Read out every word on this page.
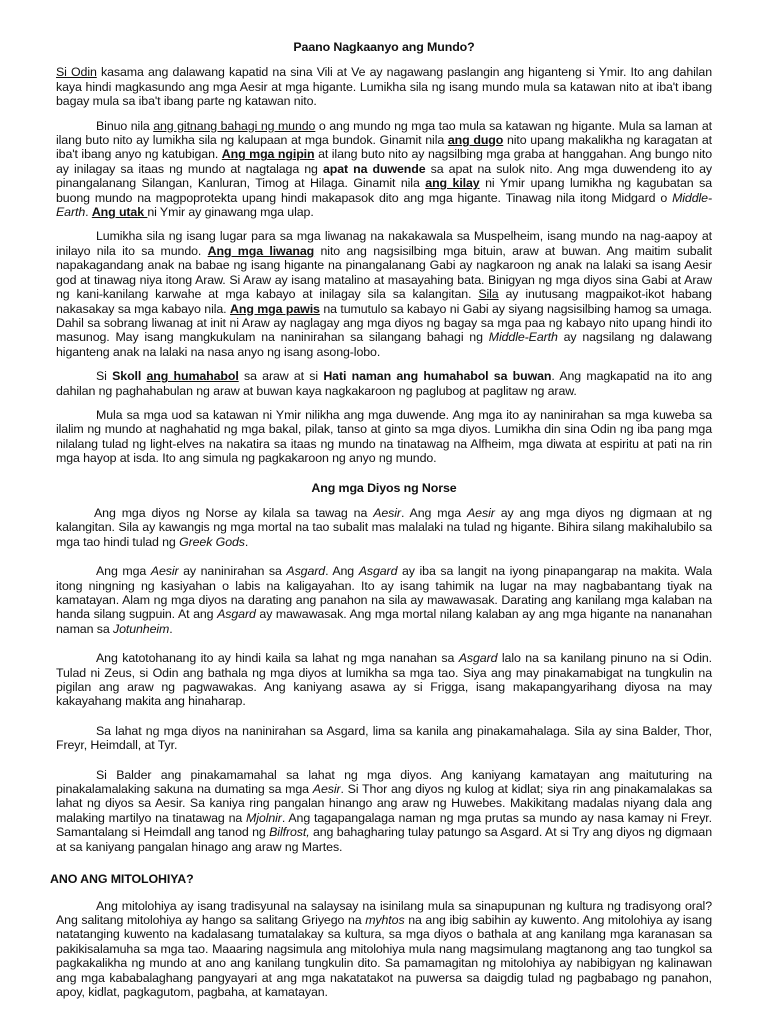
Paano Nagkaanyo ang Mundo?

Si Odin kasama ang dalawang kapatid na sina Vili at Ve ay nagawang paslangin ang higanteng si Ymir. Ito ang dahilan kaya hindi magkasundo ang mga Aesir at mga higante. Lumikha sila ng isang mundo mula sa katawan nito at iba't ibang bagay mula sa iba't ibang parte ng katawan nito.

Binuo nila ang gitnang bahagi ng mundo o ang mundo ng mga tao mula sa katawan ng higante. Mula sa laman at ilang buto nito ay lumikha sila ng kalupaan at mga bundok. Ginamit nila ang dugo nito upang makalikha ng karagatan at iba't ibang anyo ng katubigan. Ang mga ngipin at ilang buto nito ay nagsilbing mga graba at hanggahan. Ang bungo nito ay inilagay sa itaas ng mundo at nagtalaga ng apat na duwende sa apat na sulok nito. Ang mga duwendeng ito ay pinangalanang Silangan, Kanluran, Timog at Hilaga. Ginamit nila ang kilay ni Ymir upang lumikha ng kagubatan sa buong mundo na magpoprotekta upang hindi makapasok dito ang mga higante. Tinawag nila itong Midgard o Middle-Earth. Ang utak ni Ymir ay ginawang mga ulap.

Lumikha sila ng isang lugar para sa mga liwanag na nakakawala sa Muspelheim, isang mundo na nag-aapoy at inilayo nila ito sa mundo. Ang mga liwanag nito ang nagsisilbing mga bituin, araw at buwan. Ang maitim subalit napakagandang anak na babae ng isang higante na pinangalanang Gabi ay nagkaroon ng anak na lalaki sa isang Aesir god at tinawag niya itong Araw. Si Araw ay isang matalino at masayahing bata. Binigyan ng mga diyos sina Gabi at Araw ng kani-kanilang karwahe at mga kabayo at inilagay sila sa kalangitan. Sila ay inutusang magpaikot-ikot habang nakasakay sa mga kabayo nila. Ang mga pawis na tumutulo sa kabayo ni Gabi ay siyang nagsisilbing hamog sa umaga. Dahil sa sobrang liwanag at init ni Araw ay naglagay ang mga diyos ng bagay sa mga paa ng kabayo nito upang hindi ito masunog. May isang mangkukulam na naninirahan sa silangang bahagi ng Middle-Earth ay nagsilang ng dalawang higanteng anak na lalaki na nasa anyo ng isang asong-lobo.

Si Skoll ang humahabol sa araw at si Hati naman ang humahabol sa buwan. Ang magkapatid na ito ang dahilan ng paghahabulan ng araw at buwan kaya nagkakaroon ng paglubog at paglitaw ng araw.

Mula sa mga uod sa katawan ni Ymir nilikha ang mga duwende. Ang mga ito ay naninirahan sa mga kuweba sa ilalim ng mundo at naghahatid ng mga bakal, pilak, tanso at ginto sa mga diyos. Lumikha din sina Odin ng iba pang mga nilalang tulad ng light-elves na nakatira sa itaas ng mundo na tinatawag na Alfheim, mga diwata at espiritu at pati na rin mga hayop at isda. Ito ang simula ng pagkakaroon ng anyo ng mundo.

Ang mga Diyos ng Norse

Ang mga diyos ng Norse ay kilala sa tawag na Aesir. Ang mga Aesir ay ang mga diyos ng digmaan at ng kalangitan. Sila ay kawangis ng mga mortal na tao subalit mas malalaki na tulad ng higante. Bihira silang makihalubilo sa mga tao hindi tulad ng Greek Gods.

Ang mga Aesir ay naninirahan sa Asgard. Ang Asgard ay iba sa langit na iyong pinapangarap na makita. Wala itong ningning ng kasiyahan o labis na kaligayahan. Ito ay isang tahimik na lugar na may nagbabantang tiyak na kamatayan. Alam ng mga diyos na darating ang panahon na sila ay mawawasak. Darating ang kanilang mga kalaban na handa silang sugpuin. At ang Asgard ay mawawasak. Ang mga mortal nilang kalaban ay ang mga higante na nananahan naman sa Jotunheim.

Ang katotohanang ito ay hindi kaila sa lahat ng mga nanahan sa Asgard lalo na sa kanilang pinuno na si Odin. Tulad ni Zeus, si Odin ang bathala ng mga diyos at lumikha sa mga tao. Siya ang may pinakamabigat na tungkulin na pigilan ang araw ng pagwawakas. Ang kaniyang asawa ay si Frigga, isang makapangyarihang diyosa na may kakayahang makita ang hinaharap.

Sa lahat ng mga diyos na naninirahan sa Asgard, lima sa kanila ang pinakamahalaga. Sila ay sina Balder, Thor, Freyr, Heimdall, at Tyr.

Si Balder ang pinakamamahal sa lahat ng mga diyos. Ang kaniyang kamatayan ang maituturing na pinakalamalaking sakuna na dumating sa mga Aesir. Si Thor ang diyos ng kulog at kidlat; siya rin ang pinakamalakas sa lahat ng diyos sa Aesir. Sa kaniya ring pangalan hinango ang araw ng Huwebes. Makikitang madalas niyang dala ang malaking martilyo na tinatawag na Mjolnir. Ang tagapangalaga naman ng mga prutas sa mundo ay nasa kamay ni Freyr. Samantalang si Heimdall ang tanod ng Bilfrost, ang bahagharing tulay patungo sa Asgard. At si Try ang diyos ng digmaan at sa kaniyang pangalan hinago ang araw ng Martes.

ANO ANG MITOLOHIYA?

Ang mitolohiya ay isang tradisyunal na salaysay na isinilang mula sa sinapupunan ng kultura ng tradisyong oral? Ang salitang mitolohiya ay hango sa salitang Griyego na myhtos na ang ibig sabihin ay kuwento. Ang mitolohiya ay isang natatanging kuwento na kadalasang tumatalakay sa kultura, sa mga diyos o bathala at ang kanilang mga karanasan sa pakikisalamuha sa mga tao. Maaaring nagsimula ang mitolohiya mula nang magsimulang magtanong ang tao tungkol sa pagkakalikha ng mundo at ano ang kanilang tungkulin dito. Sa pamamagitan ng mitolohiya ay nabibigyan ng kalinawan ang mga kababalaghang pangyayari at ang mga nakatatakot na puwersa sa daigdig tulad ng pagbabago ng panahon, apoy, kidlat, pagkagutom, pagbaha, at kamatayan.
